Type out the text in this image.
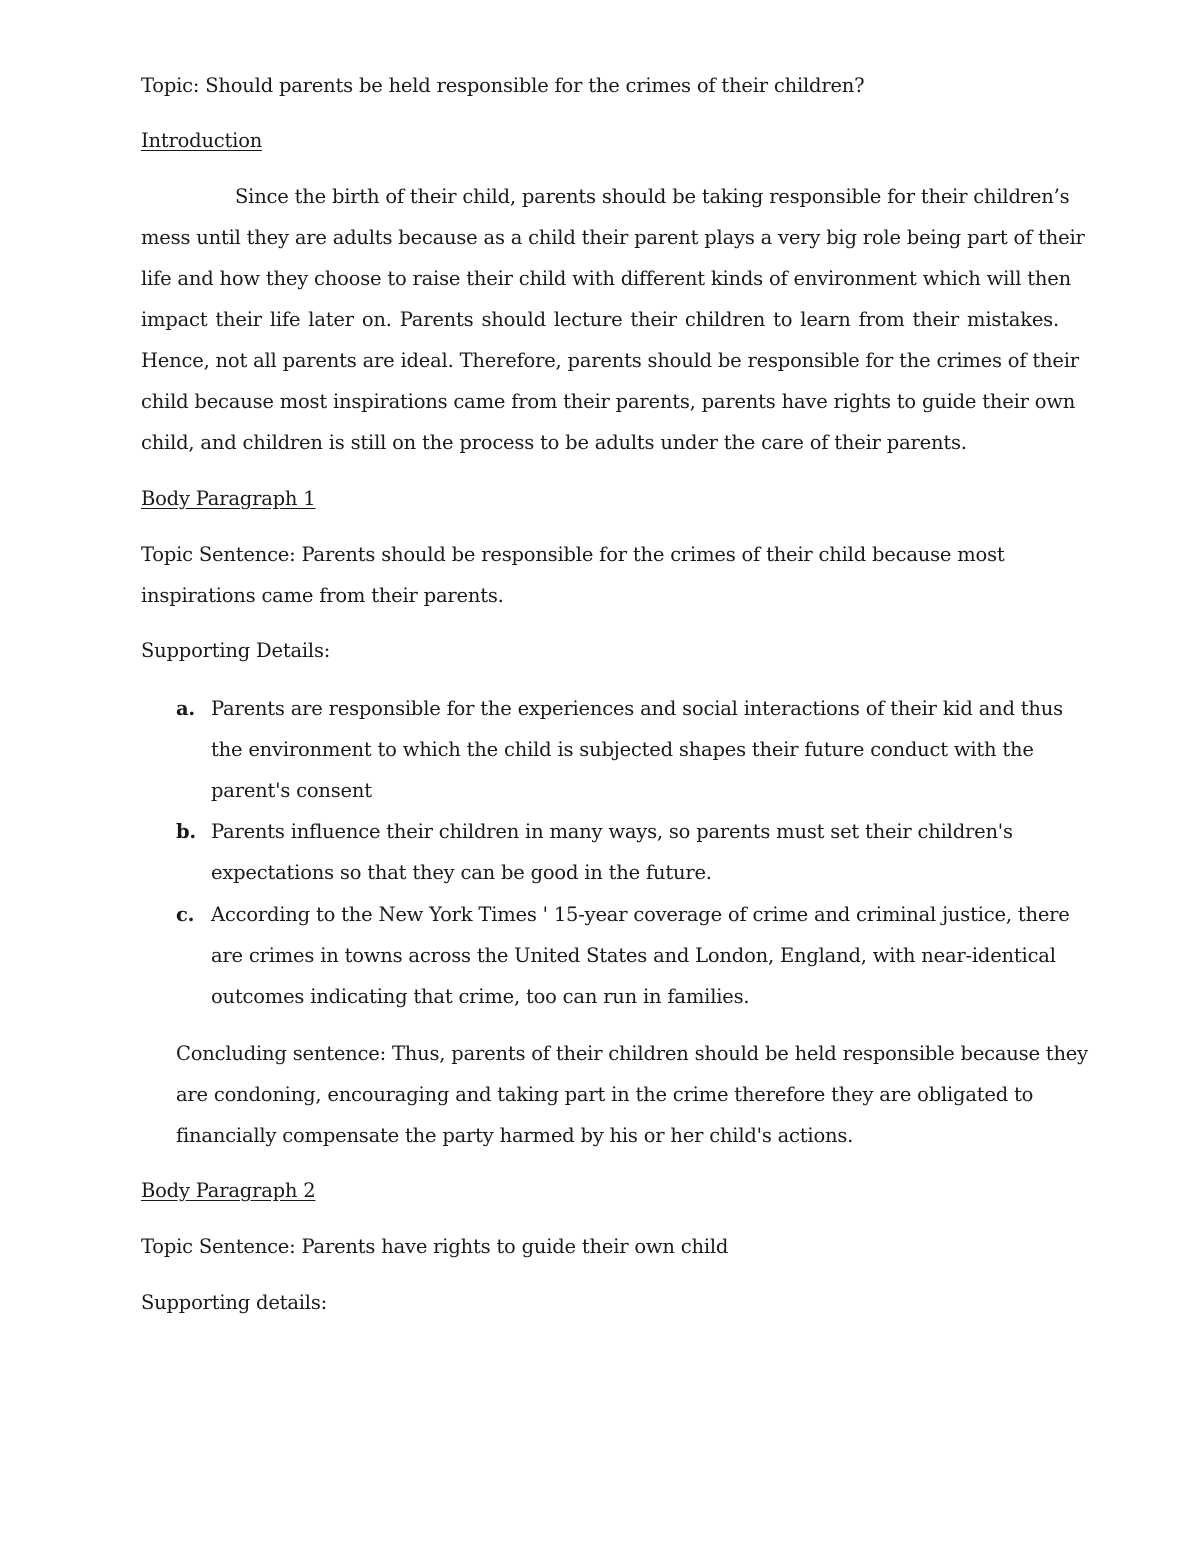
Topic: Should parents be held responsible for the crimes of their children?
Introduction
Since the birth of their child, parents should be taking responsible for their children’s
mess until they are adults because as a child their parent plays a very big role being part of their
life and how they choose to raise their child with different kinds of environment which will then
impact their life later on. Parents should lecture their children to learn from their mistakes.
Hence, not all parents are ideal. Therefore, parents should be responsible for the crimes of their
child because most inspirations came from their parents, parents have rights to guide their own
child, and children is still on the process to be adults under the care of their parents.
Body Paragraph 1
Topic Sentence: Parents should be responsible for the crimes of their child because most
inspirations came from their parents.
Supporting Details:
a. Parents are responsible for the experiences and social interactions of their kid and thus
the environment to which the child is subjected shapes their future conduct with the
parent's consent
b. Parents influence their children in many ways, so parents must set their children's
expectations so that they can be good in the future.
c. According to the New York Times ' 15-year coverage of crime and criminal justice, there
are crimes in towns across the United States and London, England, with near-identical
outcomes indicating that crime, too can run in families.
Concluding sentence: Thus, parents of their children should be held responsible because they
are condoning, encouraging and taking part in the crime therefore they are obligated to
financially compensate the party harmed by his or her child's actions.
Body Paragraph 2
Topic Sentence: Parents have rights to guide their own child
Supporting details:
